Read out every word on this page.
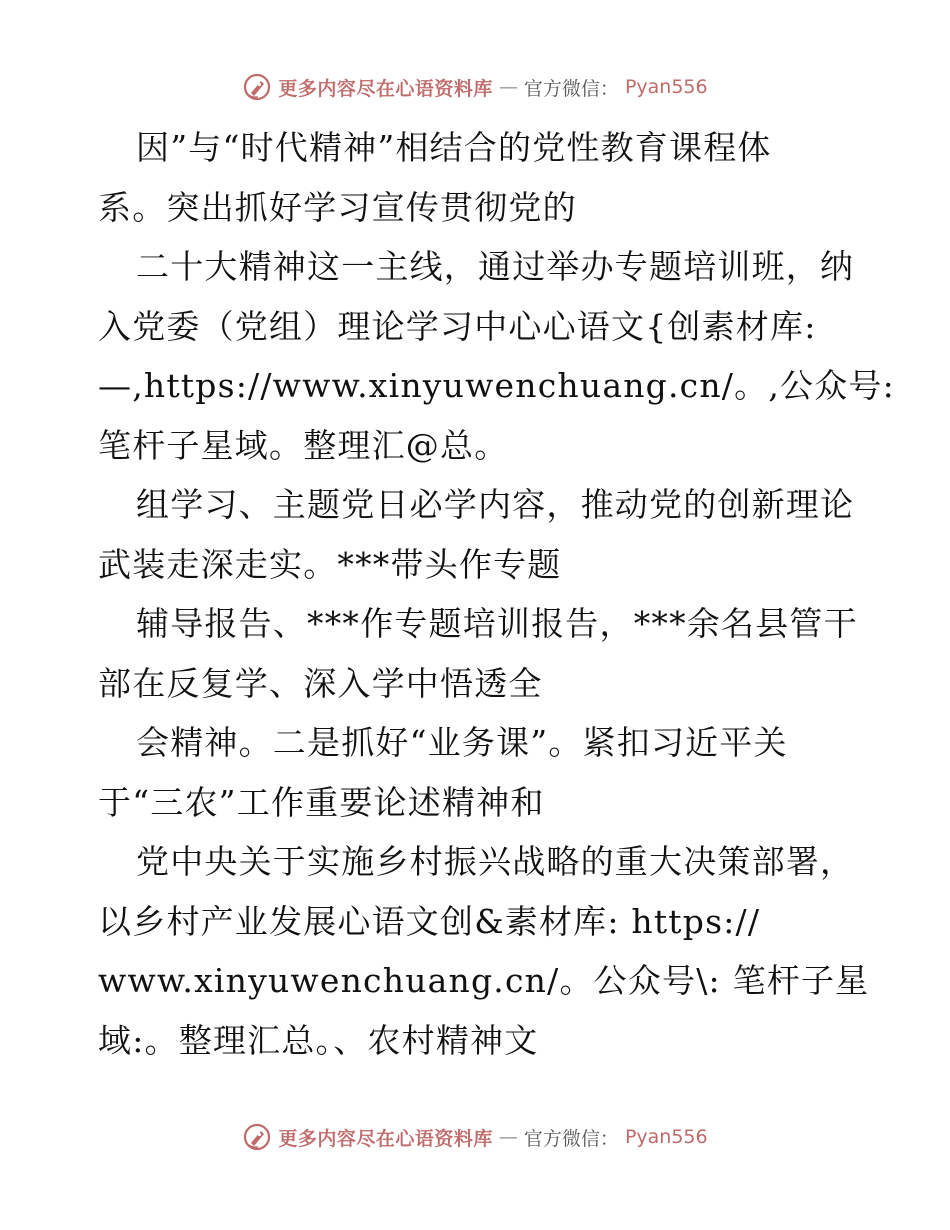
更多内容尽在心语资料库 — 官方微信： Pyan556
因”与“时代精神”相结合的党性教育课程体
系。突出抓好学习宣传贯彻党的
二十大精神这一主线，通过举办专题培训班，纳
入党委（党组）理论学习中心心语文{创素材库:
—,https://www.xinyuwenchuang.cn/。,公众号:
笔杆子星域。整理汇@总。
组学习、主题党日必学内容，推动党的创新理论
武装走深走实。***带头作专题
辅导报告、***作专题培训报告，***余名县管干
部在反复学、深入学中悟透全
会精神。二是抓好“业务课”。紧扣习近平关
于“三农”工作重要论述精神和
党中央关于实施乡村振兴战略的重大决策部署，
以乡村产业发展心语文创&素材库: https://
www.xinyuwenchuang.cn/。公众号\: 笔杆子星
域:。整理汇总。、农村精神文
更多内容尽在心语资料库 — 官方微信： Pyan556
